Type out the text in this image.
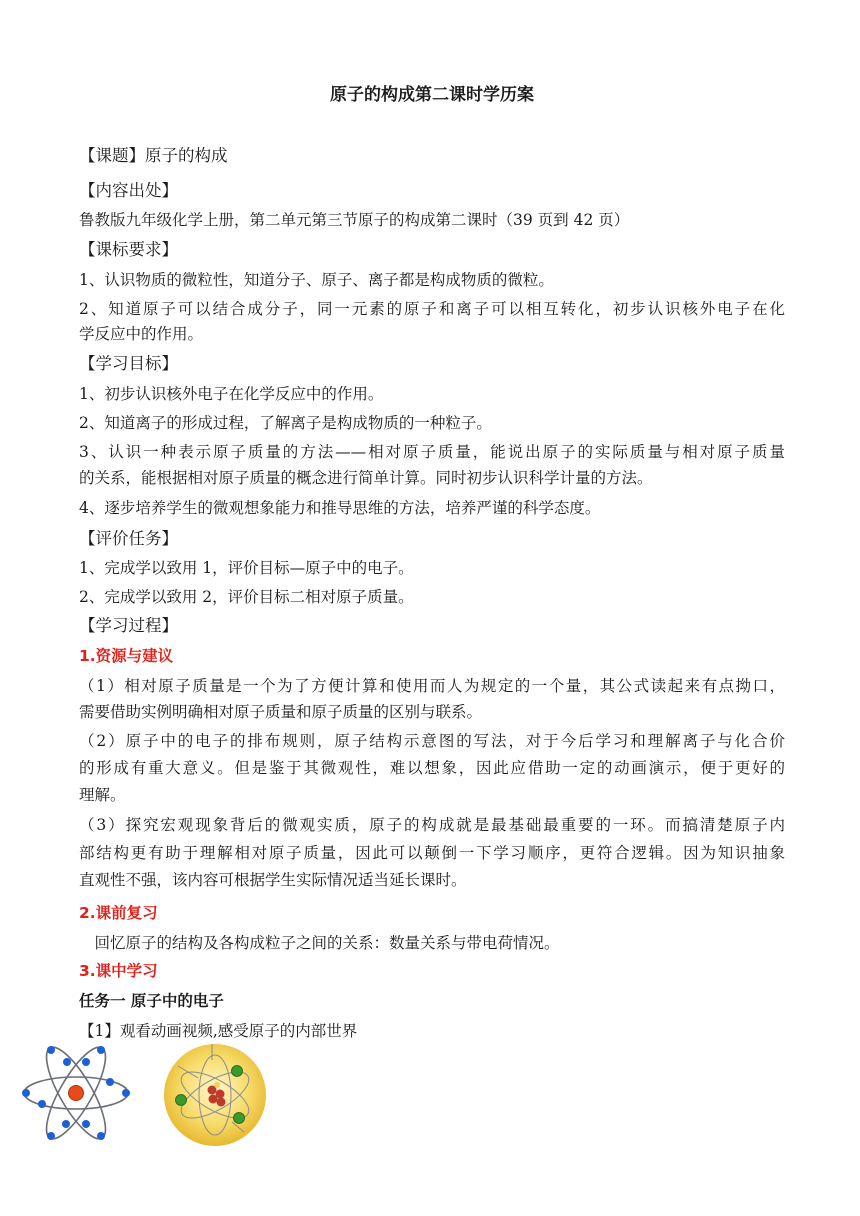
原子的构成第二课时学历案
【课题】原子的构成
【内容出处】
鲁教版九年级化学上册，第二单元第三节原子的构成第二课时（39 页到 42 页）
【课标要求】
1、认识物质的微粒性，知道分子、原子、离子都是构成物质的微粒。
2、知道原子可以结合成分子，同一元素的原子和离子可以相互转化，初步认识核外电子在化
学反应中的作用。
【学习目标】
1、初步认识核外电子在化学反应中的作用。
2、知道离子的形成过程，了解离子是构成物质的一种粒子。
3、认识一种表示原子质量的方法——相对原子质量，能说出原子的实际质量与相对原子质量
的关系，能根据相对原子质量的概念进行简单计算。同时初步认识科学计量的方法。
4、逐步培养学生的微观想象能力和推导思维的方法，培养严谨的科学态度。
【评价任务】
1、完成学以致用 1，评价目标—原子中的电子。
2、完成学以致用 2，评价目标二相对原子质量。
【学习过程】
1.资源与建议
（1）相对原子质量是一个为了方便计算和使用而人为规定的一个量，其公式读起来有点拗口，
需要借助实例明确相对原子质量和原子质量的区别与联系。
（2）原子中的电子的排布规则，原子结构示意图的写法，对于今后学习和理解离子与化合价
的形成有重大意义。但是鉴于其微观性，难以想象，因此应借助一定的动画演示，便于更好的
理解。
（3）探究宏观现象背后的微观实质，原子的构成就是最基础最重要的一环。而搞清楚原子内
部结构更有助于理解相对原子质量，因此可以颠倒一下学习顺序，更符合逻辑。因为知识抽象
直观性不强，该内容可根据学生实际情况适当延长课时。
2.课前复习
　回忆原子的结构及各构成粒子之间的关系：数量关系与带电荷情况。
3.课中学习
任务一 原子中的电子
【1】观看动画视频,感受原子的内部世界
